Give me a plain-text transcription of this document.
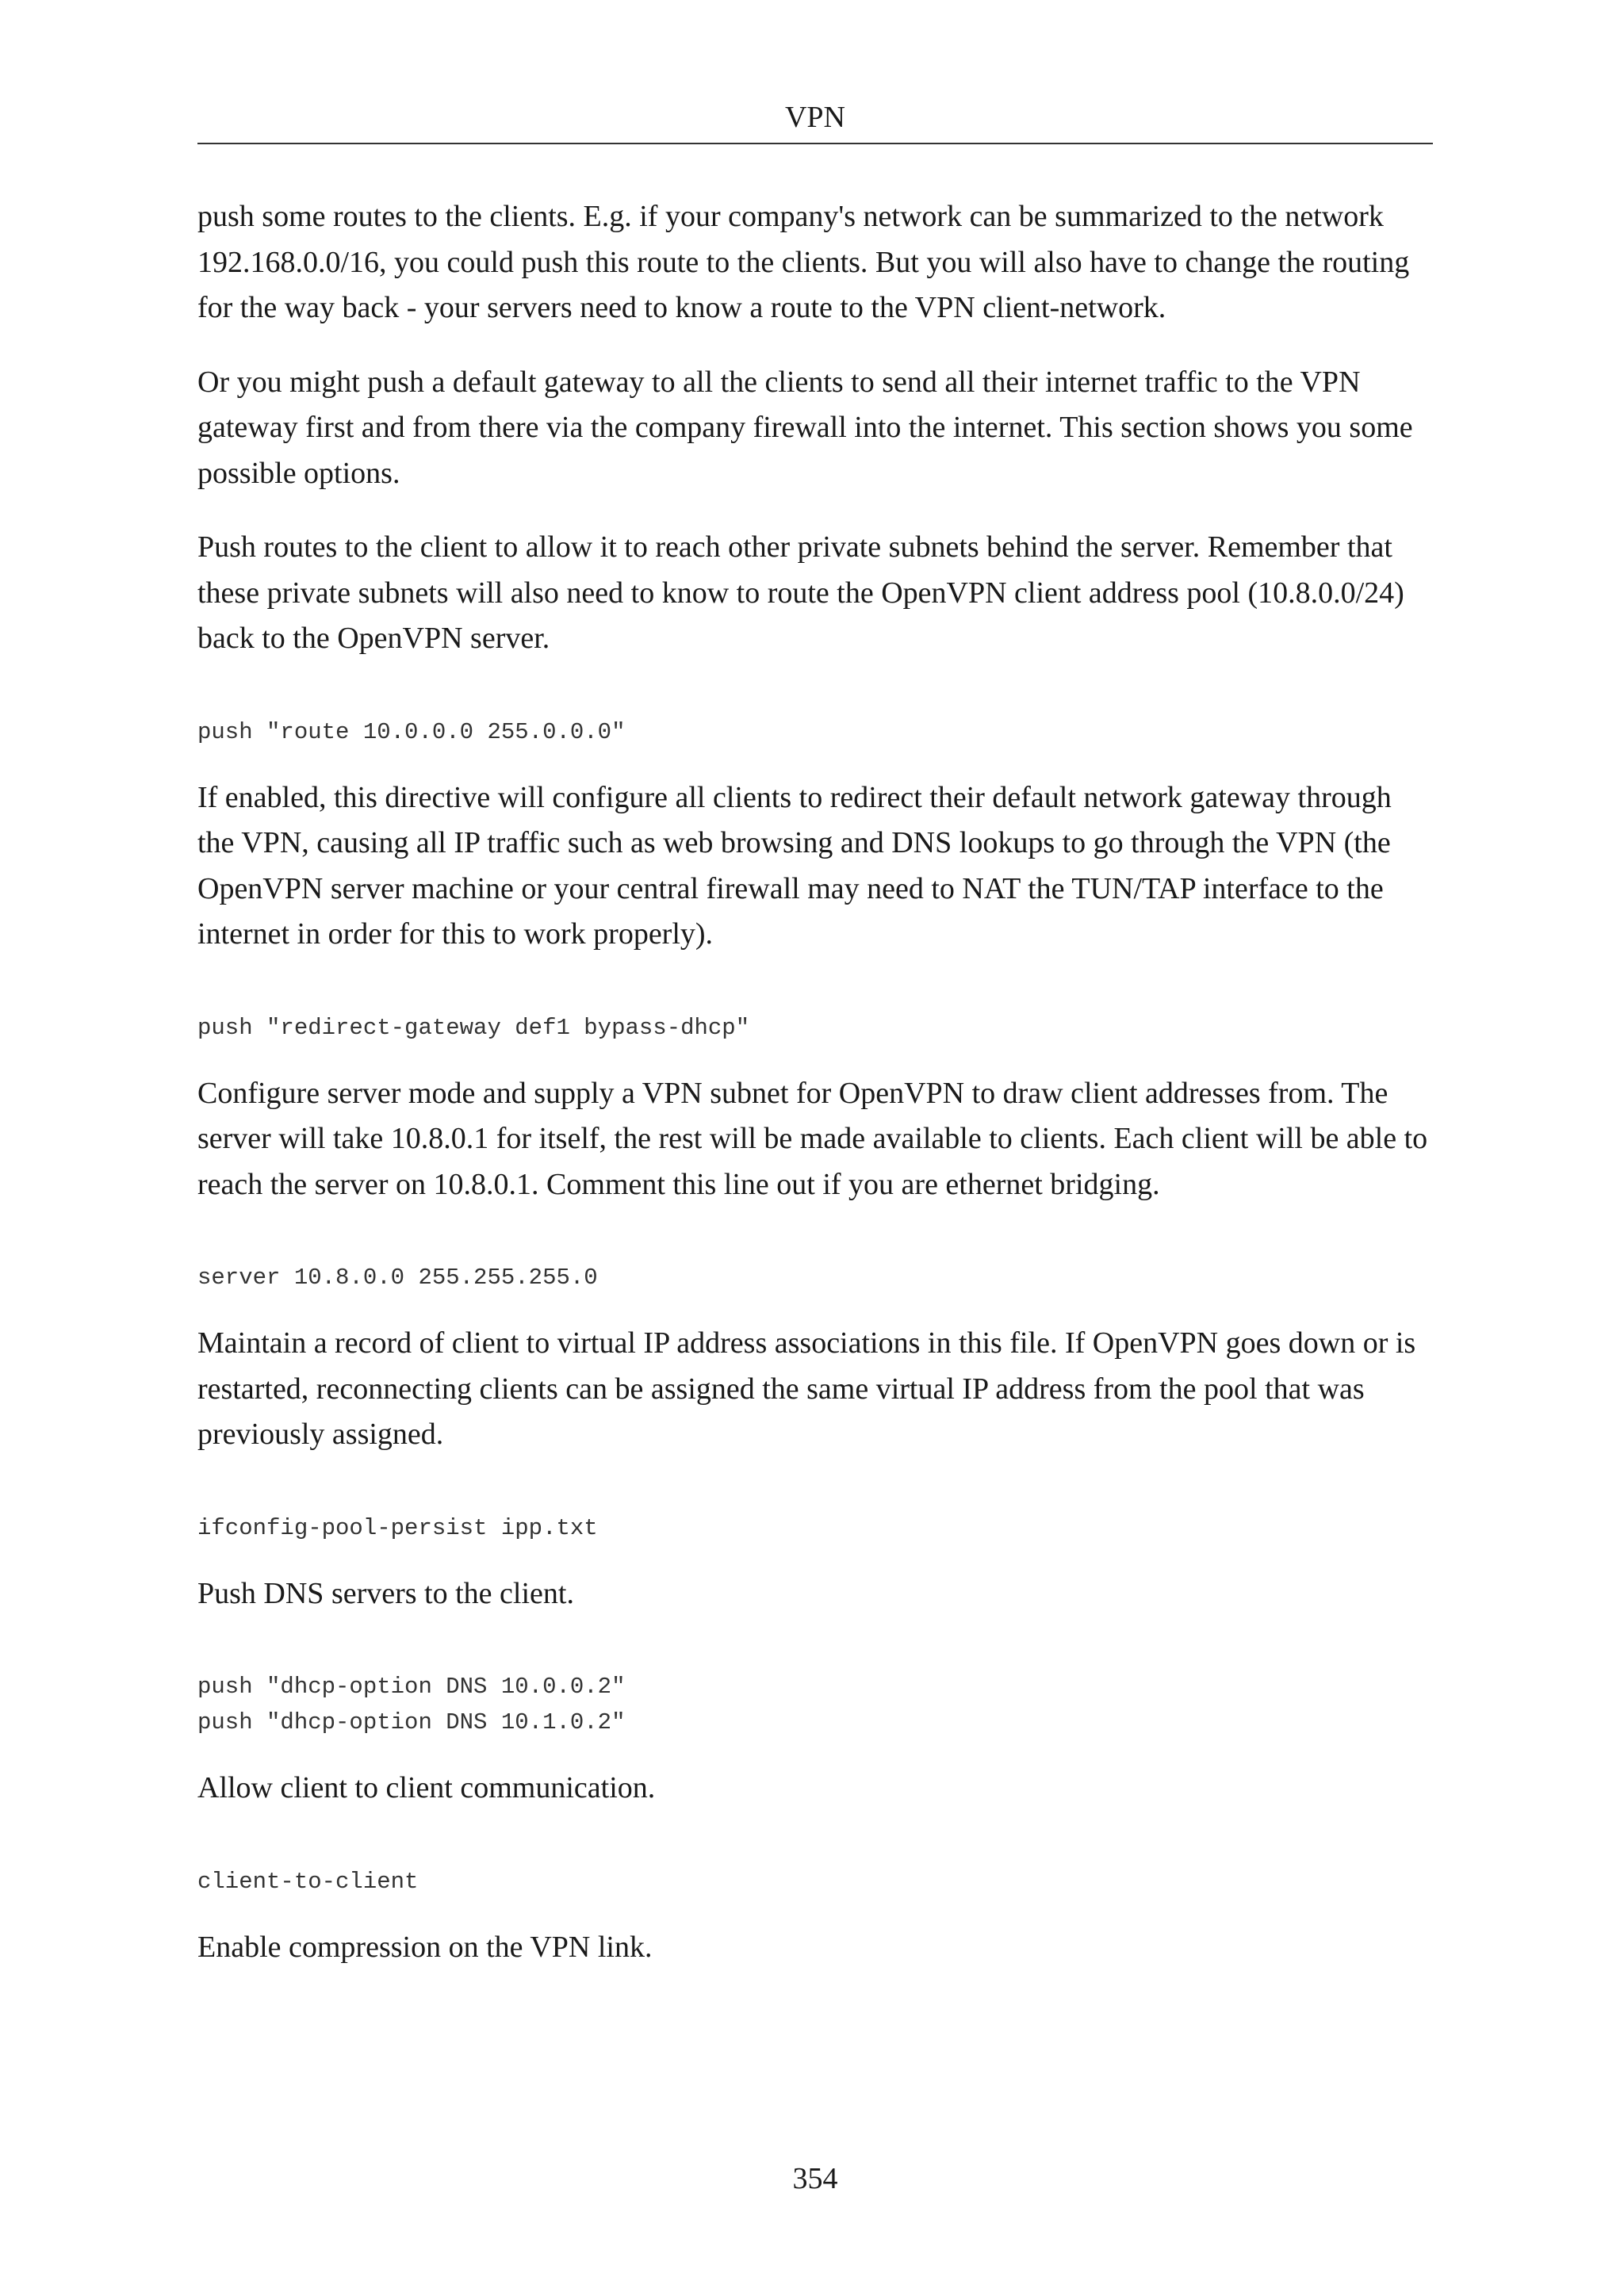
VPN

push some routes to the clients. E.g. if your company's network can be summarized to the network 192.168.0.0/16, you could push this route to the clients. But you will also have to change the routing for the way back - your servers need to know a route to the VPN client-network.

Or you might push a default gateway to all the clients to send all their internet traffic to the VPN gateway first and from there via the company firewall into the internet. This section shows you some possible options.

Push routes to the client to allow it to reach other private subnets behind the server. Remember that these private subnets will also need to know to route the OpenVPN client address pool (10.8.0.0/24) back to the OpenVPN server.

push "route 10.0.0.0 255.0.0.0"

If enabled, this directive will configure all clients to redirect their default network gateway through the VPN, causing all IP traffic such as web browsing and DNS lookups to go through the VPN (the OpenVPN server machine or your central firewall may need to NAT the TUN/TAP interface to the internet in order for this to work properly).

push "redirect-gateway def1 bypass-dhcp"

Configure server mode and supply a VPN subnet for OpenVPN to draw client addresses from. The server will take 10.8.0.1 for itself, the rest will be made available to clients. Each client will be able to reach the server on 10.8.0.1. Comment this line out if you are ethernet bridging.

server 10.8.0.0 255.255.255.0

Maintain a record of client to virtual IP address associations in this file. If OpenVPN goes down or is restarted, reconnecting clients can be assigned the same virtual IP address from the pool that was previously assigned.

ifconfig-pool-persist ipp.txt

Push DNS servers to the client.

push "dhcp-option DNS 10.0.0.2"
push "dhcp-option DNS 10.1.0.2"

Allow client to client communication.

client-to-client

Enable compression on the VPN link.

354
